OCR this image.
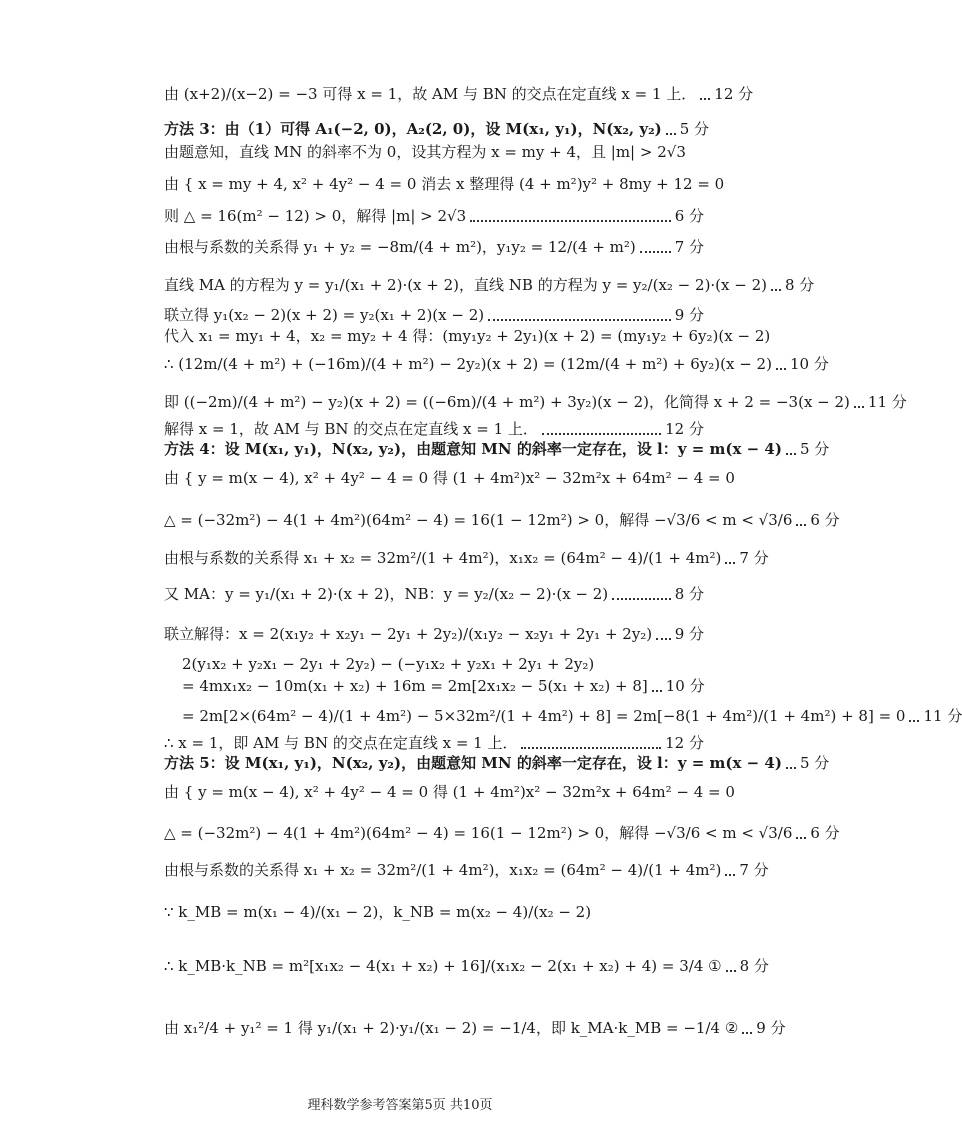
由 (x+2)/(x−2) = −3 可得 x = 1，故 AM 与 BN 的交点在定直线 x = 1 上． 12 分
方法 3：由（1）可得 A₁(−2, 0)，A₂(2, 0)，设 M(x₁, y₁)，N(x₂, y₂) 5 分
由题意知，直线 MN 的斜率不为 0，设其方程为 x = my + 4，且 |m| > 2√3
由 { x = my + 4, x² + 4y² − 4 = 0 消去 x 整理得 (4 + m²)y² + 8my + 12 = 0
则 △ = 16(m² − 12) > 0，解得 |m| > 2√3	6 分
由根与系数的关系得 y₁ + y₂ = −8m/(4 + m²)，y₁y₂ = 12/(4 + m²)	7 分
直线 MA 的方程为 y = y₁/(x₁ + 2)·(x + 2)，直线 NB 的方程为 y = y₂/(x₂ − 2)·(x − 2) 8 分
联立得 y₁(x₂ − 2)(x + 2) = y₂(x₁ + 2)(x − 2)	9 分
代入 x₁ = my₁ + 4，x₂ = my₂ + 4 得：(my₁y₂ + 2y₁)(x + 2) = (my₁y₂ + 6y₂)(x − 2)
∴ (12m/(4 + m²) + (−16m)/(4 + m²) − 2y₂)(x + 2) = (12m/(4 + m²) + 6y₂)(x − 2) 10 分
即 ((−2m)/(4 + m²) − y₂)(x + 2) = ((−6m)/(4 + m²) + 3y₂)(x − 2)，化简得 x + 2 = −3(x − 2) 11 分
解得 x = 1，故 AM 与 BN 的交点在定直线 x = 1 上．	12 分
方法 4：设 M(x₁, y₁)，N(x₂, y₂)，由题意知 MN 的斜率一定存在，设 l：y = m(x − 4) 5 分
由 { y = m(x − 4), x² + 4y² − 4 = 0 得 (1 + 4m²)x² − 32m²x + 64m² − 4 = 0
△ = (−32m²) − 4(1 + 4m²)(64m² − 4) = 16(1 − 12m²) > 0，解得 −√3/6 < m < √3/6 6 分
由根与系数的关系得 x₁ + x₂ = 32m²/(1 + 4m²)，x₁x₂ = (64m² − 4)/(1 + 4m²) 7 分
又 MA：y = y₁/(x₁ + 2)·(x + 2)，NB：y = y₂/(x₂ − 2)·(x − 2)	8 分
联立解得：x = 2(x₁y₂ + x₂y₁ − 2y₁ + 2y₂)/(x₁y₂ − x₂y₁ + 2y₁ + 2y₂) 9 分
2(y₁x₂ + y₂x₁ − 2y₁ + 2y₂) − (−y₁x₂ + y₂x₁ + 2y₁ + 2y₂)
= 4mx₁x₂ − 10m(x₁ + x₂) + 16m = 2m[2x₁x₂ − 5(x₁ + x₂) + 8] 10 分
= 2m[2×(64m² − 4)/(1 + 4m²) − 5×32m²/(1 + 4m²) + 8] = 2m[−8(1 + 4m²)/(1 + 4m²) + 8] = 0 11 分
∴ x = 1，即 AM 与 BN 的交点在定直线 x = 1 上．	12 分
方法 5：设 M(x₁, y₁)，N(x₂, y₂)，由题意知 MN 的斜率一定存在，设 l：y = m(x − 4) 5 分
由 { y = m(x − 4), x² + 4y² − 4 = 0 得 (1 + 4m²)x² − 32m²x + 64m² − 4 = 0
△ = (−32m²) − 4(1 + 4m²)(64m² − 4) = 16(1 − 12m²) > 0，解得 −√3/6 < m < √3/6 6 分
由根与系数的关系得 x₁ + x₂ = 32m²/(1 + 4m²)，x₁x₂ = (64m² − 4)/(1 + 4m²) 7 分
∵ k_MB = m(x₁ − 4)/(x₁ − 2)，k_NB = m(x₂ − 4)/(x₂ − 2)
∴ k_MB·k_NB = m²[x₁x₂ − 4(x₁ + x₂) + 16]/(x₁x₂ − 2(x₁ + x₂) + 4) = 3/4 ① 8 分
由 x₁²/4 + y₁² = 1 得 y₁/(x₁ + 2)·y₁/(x₁ − 2) = −1/4，即 k_MA·k_MB = −1/4 ② 9 分
理科数学参考答案第5页 共10页
